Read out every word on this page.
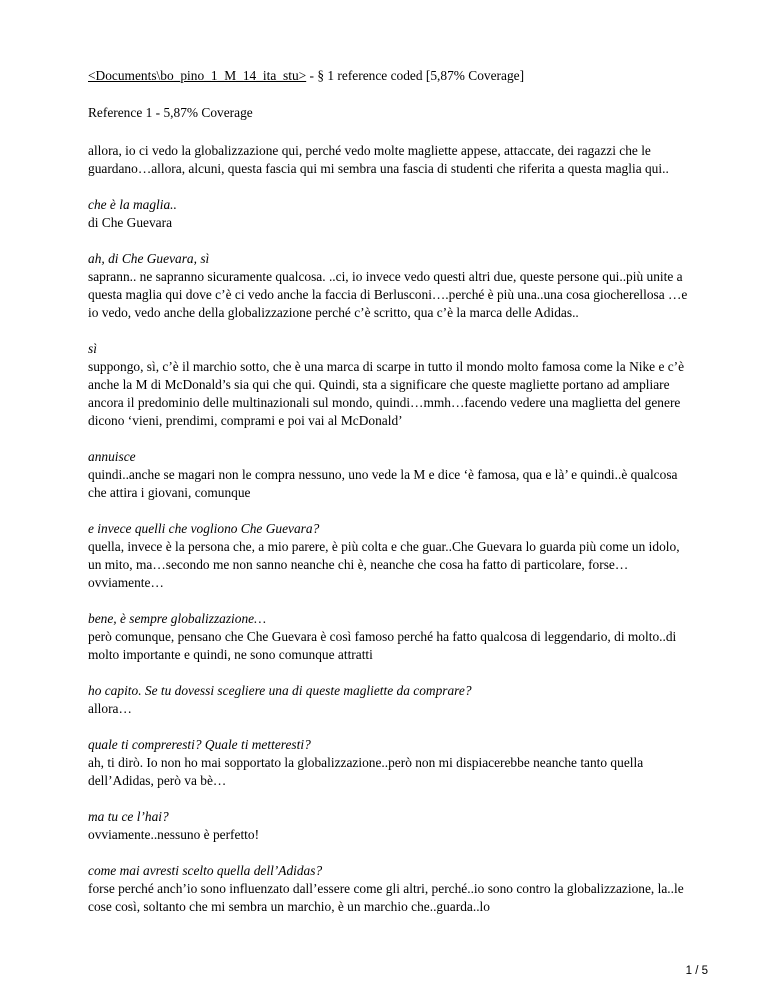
<Documents\bo_pino_1_M_14_ita_stu> - § 1 reference coded [5,87% Coverage]
Reference 1 - 5,87% Coverage
allora, io ci vedo la globalizzazione qui, perché vedo molte magliette appese, attaccate, dei ragazzi che le guardano…allora, alcuni, questa fascia qui mi sembra una fascia di studenti che riferita a questa maglia qui..
che è la maglia..
di Che Guevara
ah, di Che Guevara, sì
saprann.. ne sapranno sicuramente qualcosa. ..ci, io invece vedo questi altri due, queste persone qui..più unite a questa maglia qui dove c’è ci vedo anche la faccia di Berlusconi….perché è più una..una cosa giocherellosa …e io vedo, vedo anche della globalizzazione perché c’è scritto, qua c’è la marca delle Adidas..
sì
suppongo, sì, c’è il marchio sotto, che è una marca di scarpe in tutto il mondo molto famosa come la Nike e c’è anche la M di McDonald’s sia qui che qui. Quindi, sta a significare che queste magliette portano ad ampliare ancora il predominio delle multinazionali sul mondo, quindi…mmh…facendo vedere una maglietta del genere dicono ‘vieni, prendimi, comprami e poi vai al McDonald’
annuisce
quindi..anche se magari non le compra nessuno, uno vede la M e dice ‘è famosa, qua e là’ e quindi..è qualcosa che attira i giovani, comunque
e invece quelli che vogliono Che Guevara?
quella, invece è la persona che, a mio parere, è più colta e che guar..Che Guevara lo guarda più come un idolo, un mito, ma…secondo me non sanno neanche chi è, neanche che cosa ha fatto di particolare, forse…ovviamente…
bene, è sempre globalizzazione…
però comunque, pensano che Che Guevara è così famoso perché ha fatto qualcosa di leggendario, di molto..di molto importante e quindi, ne sono comunque attratti
ho capito. Se tu dovessi scegliere una di queste magliette da comprare?
allora…
quale ti compreresti? Quale ti metteresti?
ah, ti dirò. Io non ho mai sopportato la globalizzazione..però non mi dispiacerebbe neanche tanto quella dell’Adidas, però va bè…
ma tu ce l’hai?
ovviamente..nessuno è perfetto!
come mai avresti scelto quella dell’Adidas?
forse perché anch’io sono influenzato dall’essere come gli altri, perché..io sono contro la globalizzazione, la..le cose così, soltanto che mi sembra un marchio, è un marchio che..guarda..lo
1 / 5
